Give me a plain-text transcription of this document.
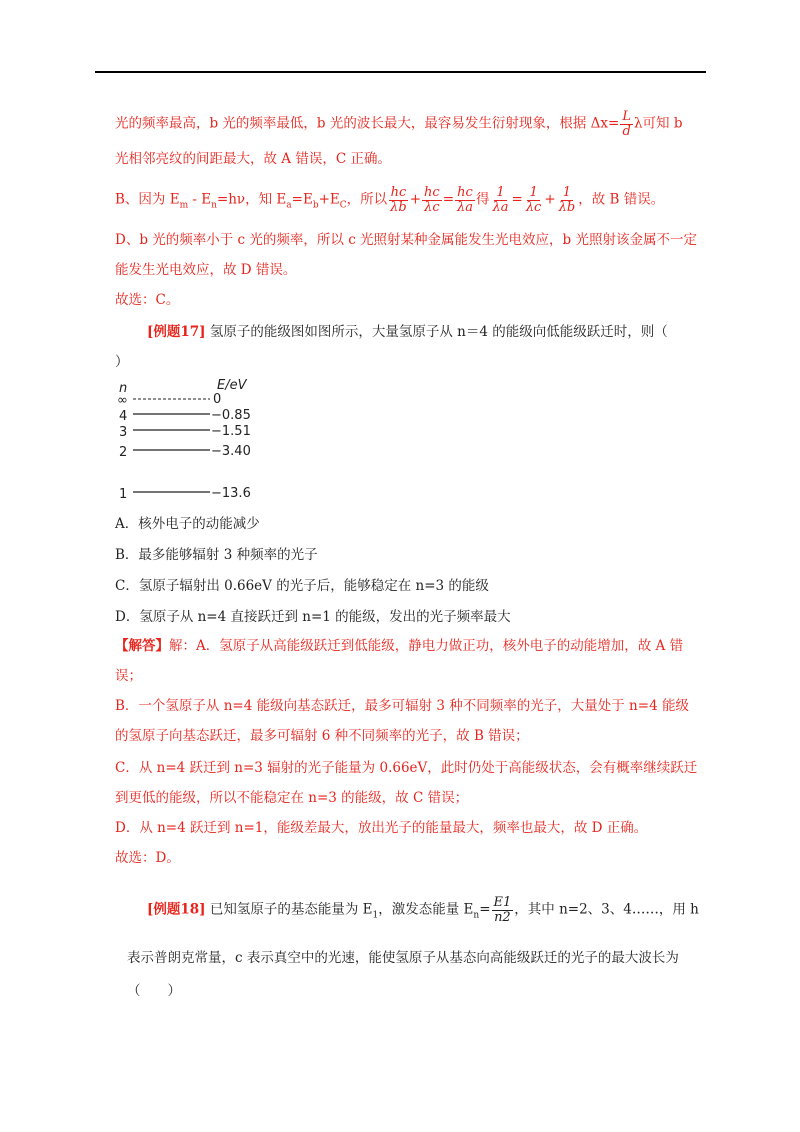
光的频率最高，b 光的频率最低，b 光的波长最大，最容易发生衍射现象，根据 $\Delta x= \frac{L}{d}$ λ可知 b
光相邻亮纹的间距最大，故 A 错误，C 正确。
B、因为 $E_m - E_n=h\nu$，知 $E_a=E_b+E_C$，所以 $\frac{hc}{\lambda b} + \frac{hc}{\lambda c} = \frac{hc}{\lambda a}$ 得 $\frac{1}{\lambda a} = \frac{1}{\lambda c} + \frac{1}{\lambda b}$ ，故 B 错误。
D、b 光的频率小于 c 光的频率，所以 c 光照射某种金属能发生光电效应，b 光照射该金属不一定
能发生光电效应，故 D 错误。
故选：C。
[例题17] 氢原子的能级图如图所示，大量氢原子从 n＝4 的能级向低能级跃迁时，则（
）
n	E/eV
∞	0
4	−0.85
3	−1.51
2	−3.40
1	−13.6
A．核外电子的动能减少
B．最多能够辐射 3 种频率的光子
C．氢原子辐射出 0.66eV 的光子后，能够稳定在 n=3 的能级
D．氢原子从 n=4 直接跃迁到 n=1 的能级，发出的光子频率最大
【解答】解：A．氢原子从高能级跃迁到低能级，静电力做正功，核外电子的动能增加，故 A 错
误；
B．一个氢原子从 n=4 能级向基态跃迁，最多可辐射 3 种不同频率的光子，大量处于 n=4 能级
的氢原子向基态跃迁，最多可辐射 6 种不同频率的光子，故 B 错误；
C．从 n=4 跃迁到 n=3 辐射的光子能量为 0.66eV，此时仍处于高能级状态，会有概率继续跃迁
到更低的能级，所以不能稳定在 n=3 的能级，故 C 错误；
D．从 n=4 跃迁到 n=1，能级差最大，放出光子的能量最大，频率也最大，故 D 正确。
故选：D。
[例题18] 已知氢原子的基态能量为 $E_1$，激发态能量 $E_n= \frac{E1}{n2}$ ，其中 n=2、3、4……，用 h
表示普朗克常量，c 表示真空中的光速，能使氢原子从基态向高能级跃迁的光子的最大波长为
（　　）
